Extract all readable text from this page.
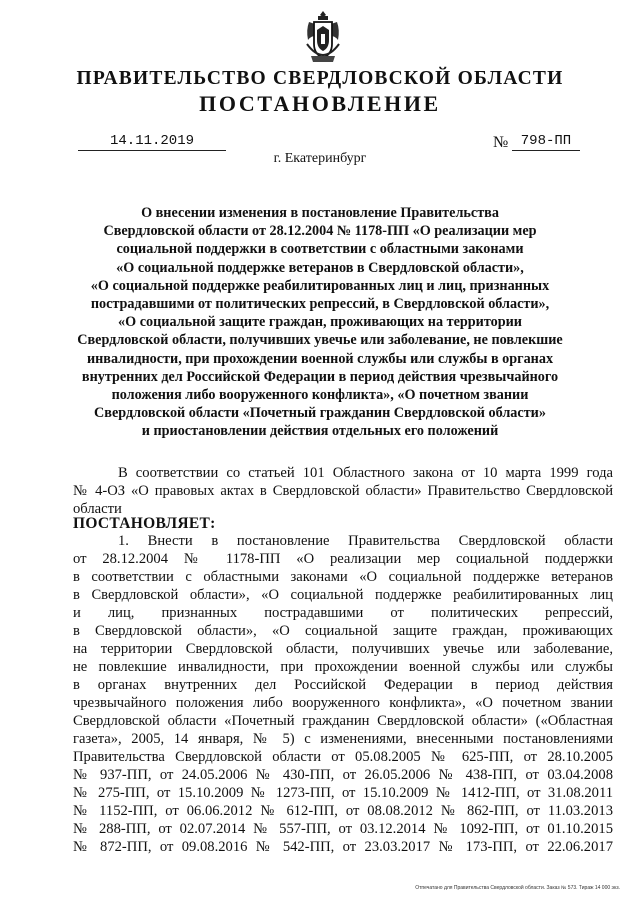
ПРАВИТЕЛЬСТВО СВЕРДЛОВСКОЙ ОБЛАСТИ
ПОСТАНОВЛЕНИЕ
14.11.2019	№ 798-ПП
г. Екатеринбург
О внесении изменения в постановление Правительства
Свердловской области от 28.12.2004 № 1178-ПП «О реализации мер
социальной поддержки в соответствии с областными законами
«О социальной поддержке ветеранов в Свердловской области»,
«О социальной поддержке реабилитированных лиц и лиц, признанных
пострадавшими от политических репрессий, в Свердловской области»,
«О социальной защите граждан, проживающих на территории
Свердловской области, получивших увечье или заболевание, не повлекшие
инвалидности, при прохождении военной службы или службы в органах
внутренних дел Российской Федерации в период действия чрезвычайного
положения либо вооруженного конфликта», «О почетном звании
Свердловской области «Почетный гражданин Свердловской области»
и приостановлении действия отдельных его положений
В соответствии со статьей 101 Областного закона от 10 марта 1999 года
№ 4-ОЗ «О правовых актах в Свердловской области» Правительство Свердловской
области
ПОСТАНОВЛЯЕТ:
1. Внести в постановление Правительства Свердловской области
от 28.12.2004 № 1178-ПП «О реализации мер социальной поддержки
в соответствии с областными законами «О социальной поддержке ветеранов
в Свердловской области», «О социальной поддержке реабилитированных лиц
и лиц, признанных пострадавшими от политических репрессий,
в Свердловской области», «О социальной защите граждан, проживающих
на территории Свердловской области, получивших увечье или заболевание,
не повлекшие инвалидности, при прохождении военной службы или службы
в органах внутренних дел Российской Федерации в период действия
чрезвычайного положения либо вооруженного конфликта», «О почетном звании
Свердловской области «Почетный гражданин Свердловской области» («Областная
газета», 2005, 14 января, № 5) с изменениями, внесенными постановлениями
Правительства Свердловской области от 05.08.2005 № 625-ПП, от 28.10.2005
№ 937-ПП, от 24.05.2006 № 430-ПП, от 26.05.2006 № 438-ПП, от 03.04.2008
№ 275-ПП, от 15.10.2009 № 1273-ПП, от 15.10.2009 № 1412-ПП, от 31.08.2011
№ 1152-ПП, от 06.06.2012 № 612-ПП, от 08.08.2012 № 862-ПП, от 11.03.2013
№ 288-ПП, от 02.07.2014 № 557-ПП, от 03.12.2014 № 1092-ПП, от 01.10.2015
№ 872-ПП, от 09.08.2016 № 542-ПП, от 23.03.2017 № 173-ПП, от 22.06.2017
Отпечатано для Правительства Свердловской области. Заказ № 573. Тираж 14 000 экз.
